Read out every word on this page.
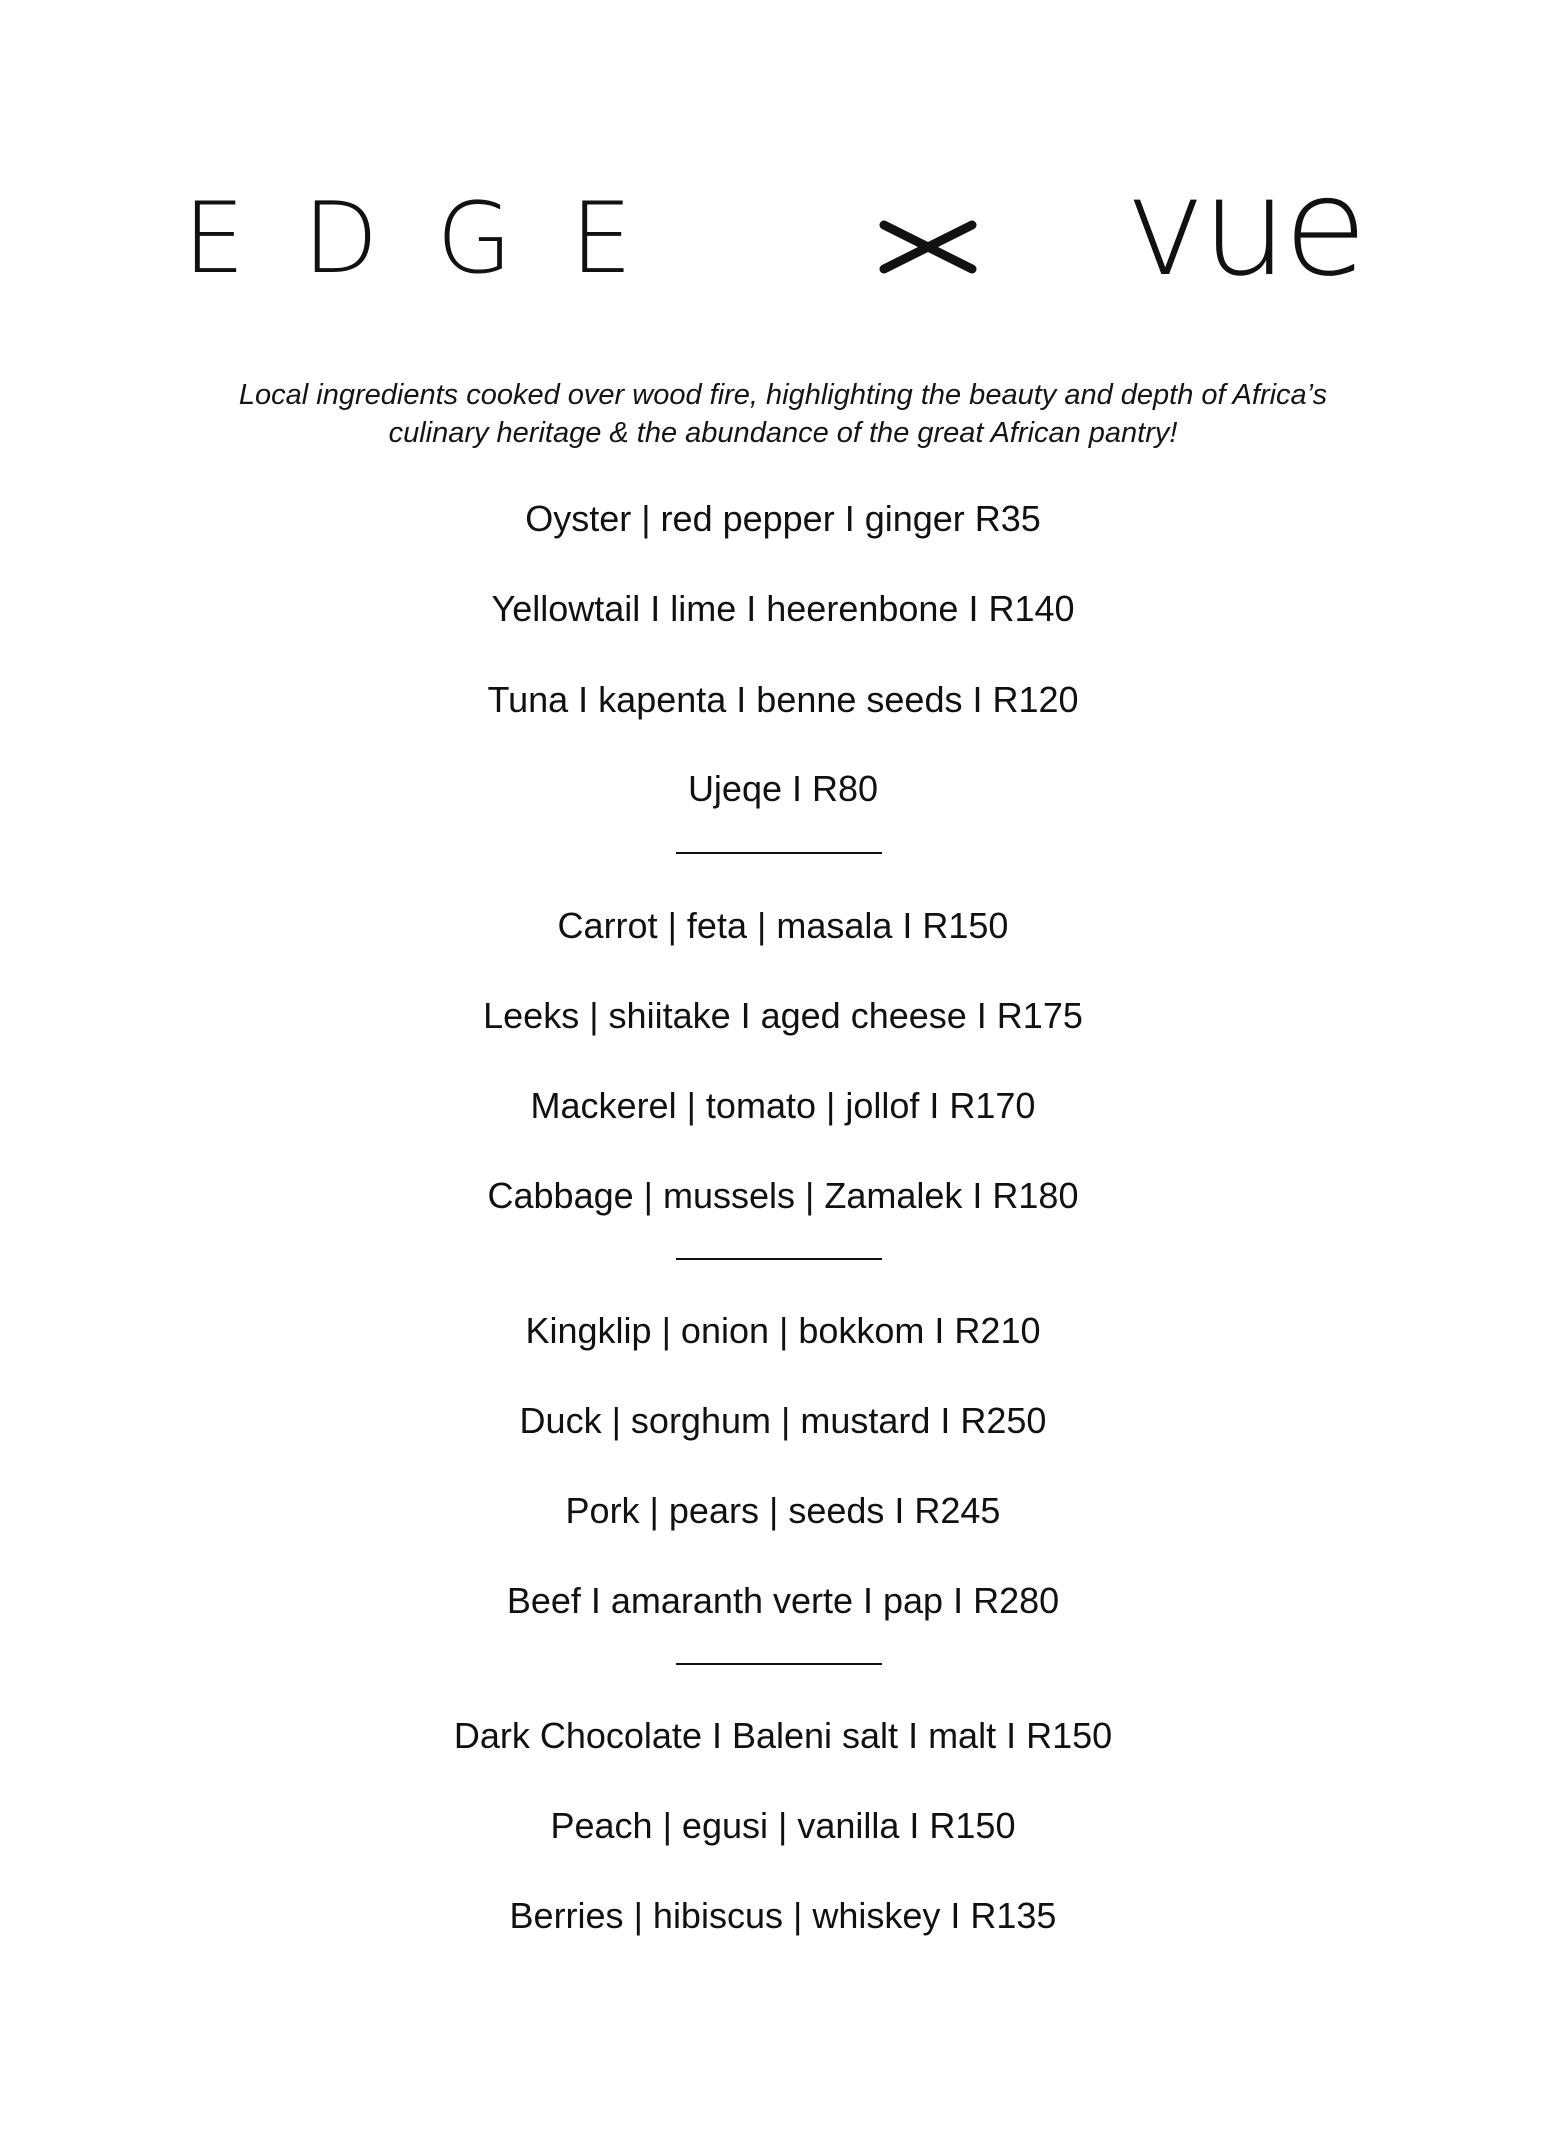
EDGE	vue
Local ingredients cooked over wood fire, highlighting the beauty and depth of Africa’s
culinary heritage & the abundance of the great African pantry!
Oyster | red pepper I ginger R35
Yellowtail I lime I heerenbone I R140
Tuna I kapenta I benne seeds I R120
Ujeqe I R80
Carrot | feta | masala I R150
Leeks | shiitake I aged cheese I R175
Mackerel | tomato | jollof I R170
Cabbage | mussels | Zamalek I R180
Kingklip | onion | bokkom I R210
Duck | sorghum | mustard I R250
Pork | pears | seeds I R245
Beef I amaranth verte I pap I R280
Dark Chocolate I Baleni salt I malt I R150
Peach | egusi | vanilla I R150
Berries | hibiscus | whiskey I R135
